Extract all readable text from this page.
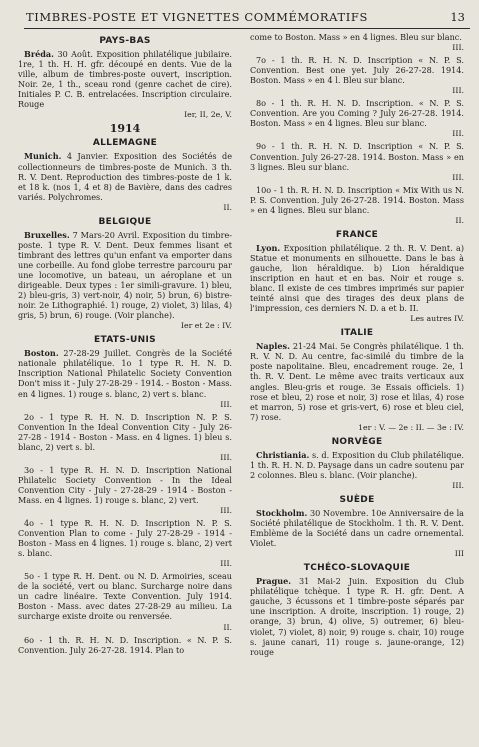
TIMBRES-POSTE ET VIGNETTES COMMÉMORATIFS	13
PAYS-BAS
Bréda. 30 Août. Exposition philatélique jubilaire. 1re, 1 th. H. H. gfr. découpé en dents. Vue de la ville, album de timbres-poste ouvert, inscription. Noir. 2e, 1 th., sceau rond (genre cachet de cire). Initiales P. C. B. entrelacées. Inscription circulaire. Rouge
Ier, II, 2e, V.
1914
ALLEMAGNE
Munich. 4 Janvier. Exposition des Sociétés de collectionneurs de timbres-poste de Munich. 3 th. R. V. Dent. Reproduction des timbres-poste de 1 k. et 18 k. (nos 1, 4 et 8) de Bavière, dans des cadres variés. Polychromes.
II.
BELGIQUE
Bruxelles. 7 Mars-20 Avril. Exposition du timbre-poste. 1 type R. V. Dent. Deux femmes lisant et timbrant des lettres qu'un enfant va emporter dans une corbeille. Au fond globe terrestre parcouru par une locomotive, un bateau, un aéroplane et un dirigeable. Deux types : 1er simili-gravure. 1) bleu, 2) bleu-gris, 3) vert-noir, 4) noir, 5) brun, 6) bistre-noir. 2e Lithographié. 1) rouge, 2) violet, 3) lilas, 4) gris, 5) brun, 6) rouge. (Voir planche).
Ier et 2e : IV.
ETATS-UNIS
Boston. 27-28-29 Juillet. Congrès de la Société nationale philatélique. 1o 1 type R. H. N. D. Inscription National Philatelic Society Convention Don't miss it - July 27-28-29 - 1914. - Boston - Mass. en 4 lignes. 1) rouge s. blanc, 2) vert s. blanc.
III.
2o - 1 type R. H. N. D. Inscription N. P. S. Convention In the Ideal Convention City - July 26-27-28 - 1914 - Boston - Mass. en 4 lignes. 1) bleu s. blanc, 2) vert s. bl.
III.
3o - 1 type R. H. N. D. Inscription National Philatelic Society Convention - In the Ideal Convention City - July - 27-28-29 - 1914 - Boston - Mass. en 4 lignes. 1) rouge s. blanc, 2) vert.
III.
4o - 1 type R. H. N. D. Inscription N. P. S. Convention Plan to come - July 27-28-29 - 1914 - Boston - Mass en 4 lignes. 1) rouge s. blanc, 2) vert s. blanc.
III.
5o - 1 type R. H. Dent. ou N. D. Armoiries, sceau de la société, vert ou blanc. Surcharge noire dans un cadre linéaire. Texte Convention. July 1914. Boston - Mass. avec dates 27-28-29 au milieu. La surcharge existe droite ou renversée.
II.
6o - 1 th. R. H. N. D. Inscription. « N. P. S. Convention. July 26-27-28. 1914. Plan to
come to Boston. Mass » en 4 lignes. Bleu sur blanc.
III.
7o - 1 th. R. H. N. D. Inscription « N. P. S. Convention. Best one yet. July 26-27-28. 1914. Boston. Mass » en 4 l. Bleu sur blanc.
III.
8o - 1 th. R. H. N. D. Inscription. « N. P. S. Convention. Are you Coming ? July 26-27-28. 1914. Boston. Mass » en 4 lignes. Bleu sur blanc.
III.
9o - 1 th. R. H. N. D. Inscription « N. P. S. Convention. July 26-27-28. 1914. Boston. Mass » en 3 lignes. Bleu sur blanc.
III.
10o - 1 th. R. H. N. D. Inscription « Mix With us N. P. S. Convention. July 26-27-28. 1914. Boston. Mass » en 4 lignes. Bleu sur blanc.
II.
FRANCE
Lyon. Exposition philatélique. 2 th. R. V. Dent. a) Statue et monuments en silhouette. Dans le bas à gauche, lion héraldique. b) Lion héraldique inscription en haut et en bas. Noir et rouge s. blanc. Il existe de ces timbres imprimés sur papier teinté ainsi que des tirages des deux plans de l'impression, ces derniers N. D. a et b. II.
Les autres IV.
ITALIE
Naples. 21-24 Mai. 5e Congrès philatélique. 1 th. R. V. N. D. Au centre, fac-similé du timbre de la poste napolitaine. Bleu, encadrement rouge. 2e, 1 th. R. V. Dent. Le même avec traits verticaux aux angles. Bleu-gris et rouge. 3e Essais officiels. 1) rose et bleu, 2) rose et noir, 3) rose et lilas, 4) rose et marron, 5) rose et gris-vert, 6) rose et bleu ciel, 7) rose.
1er : V. — 2e : II. — 3e : IV.
NORVÈGE
Christiania. s. d. Exposition du Club philatélique. 1 th. R. H. N. D. Paysage dans un cadre soutenu par 2 colonnes. Bleu s. blanc. (Voir planche).
III.
SUÈDE
Stockholm. 30 Novembre. 10e Anniversaire de la Société philatélique de Stockholm. 1 th. R. V. Dent. Emblème de la Société dans un cadre ornemental. Violet.
III
TCHÉCO-SLOVAQUIE
Prague. 31 Mai-2 Juin. Exposition du Club philatélique tchèque. 1 type R. H. gfr. Dent. A gauche, 3 écussons et 1 timbre-poste séparés par une inscription. A droite, inscription. 1) rouge, 2) orange, 3) brun, 4) olive, 5) outremer, 6) bleu-violet, 7) violet, 8) noir, 9) rouge s. chair, 10) rouge s. jaune canari, 11) rouge s. jaune-orange, 12) rouge
